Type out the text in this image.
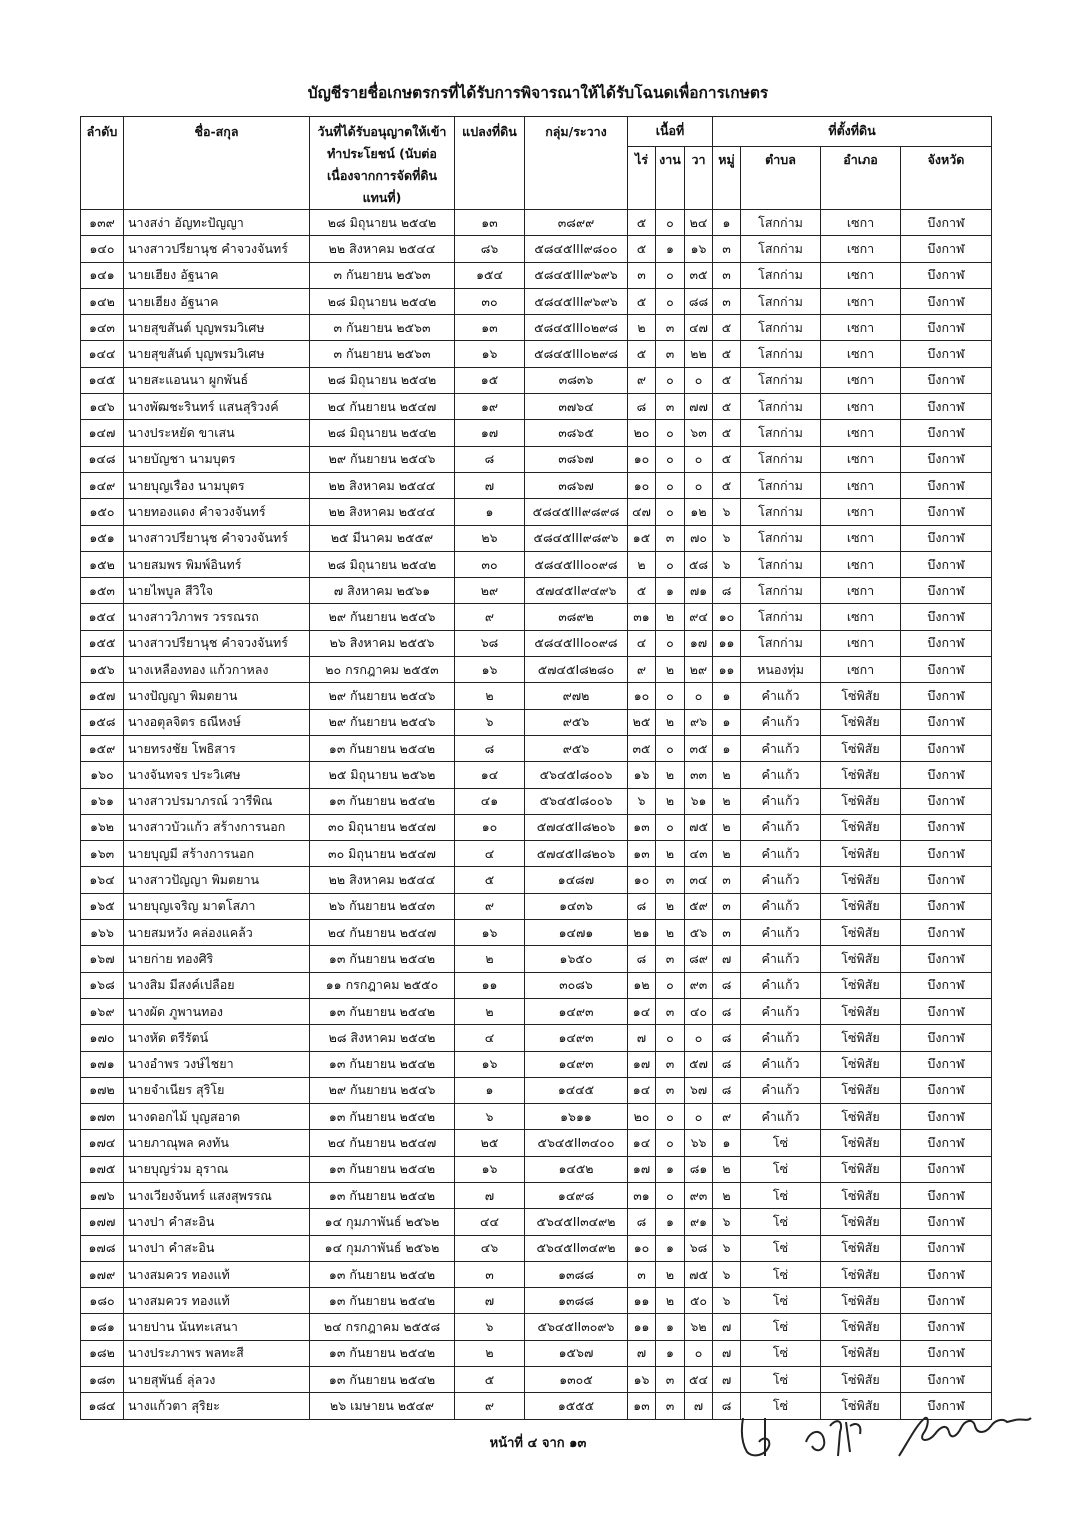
บัญชีรายชื่อเกษตรกรที่ได้รับการพิจารณาให้ได้รับโฉนดเพื่อการเกษตร
ลำดับ	ชื่อ-สกุล	วันที่ได้รับอนุญาตให้เข้าทำประโยชน์ (นับต่อเนื่องจากการจัดที่ดินแทนที่)	แปลงที่ดิน	กลุ่ม/ระวาง	เนื้อที่			ที่ตั้งที่ดิน			
					ไร่	งาน	วา	หมู่	ตำบล	อำเภอ	จังหวัด
๑๓๙	นางสง่า อัญทะปัญญา	๒๘ มิถุนายน ๒๕๔๒	๑๓	๓๘๙๙	๕	๐	๒๔	๑	โสกก่าม	เซกา	บึงกาฬ
๑๔๐	นางสาวปรียานุช คำจวงจันทร์	๒๒ สิงหาคม ๒๕๔๔	๘๖	๕๘๔๕III๙๘๐๐	๕	๑	๑๖	๓	โสกก่าม	เซกา	บึงกาฬ
๑๔๑	นายเฮียง อัฐนาค	๓ กันยายน ๒๕๖๓	๑๕๔	๕๘๔๕III๙๖๙๖	๓	๐	๓๕	๓	โสกก่าม	เซกา	บึงกาฬ
๑๔๒	นายเฮียง อัฐนาค	๒๘ มิถุนายน ๒๕๔๒	๓๐	๕๘๔๕III๙๖๙๖	๕	๐	๘๘	๓	โสกก่าม	เซกา	บึงกาฬ
๑๔๓	นายสุขสันต์ บุญพรมวิเศษ	๓ กันยายน ๒๕๖๓	๑๓	๕๘๔๕III๐๒๙๘	๒	๓	๔๗	๕	โสกก่าม	เซกา	บึงกาฬ
๑๔๔	นายสุขสันต์ บุญพรมวิเศษ	๓ กันยายน ๒๕๖๓	๑๖	๕๘๔๕III๐๒๙๘	๕	๓	๒๒	๕	โสกก่าม	เซกา	บึงกาฬ
๑๔๕	นายสะแอนนา ผูกพันธ์	๒๘ มิถุนายน ๒๕๔๒	๑๕	๓๘๓๖	๙	๐	๐	๕	โสกก่าม	เซกา	บึงกาฬ
๑๔๖	นางพัฒชะรินทร์ แสนสุริวงค์	๒๔ กันยายน ๒๕๔๗	๑๙	๓๗๖๔	๘	๓	๗๗	๕	โสกก่าม	เซกา	บึงกาฬ
๑๔๗	นางประหยัด ขาเสน	๒๘ มิถุนายน ๒๕๔๒	๑๗	๓๘๖๕	๒๐	๐	๖๓	๕	โสกก่าม	เซกา	บึงกาฬ
๑๔๘	นายบัญชา นามบุตร	๒๙ กันยายน ๒๕๔๖	๘	๓๘๖๗	๑๐	๐	๐	๕	โสกก่าม	เซกา	บึงกาฬ
๑๔๙	นายบุญเรือง นามบุตร	๒๒ สิงหาคม ๒๕๔๔	๗	๓๘๖๗	๑๐	๐	๐	๕	โสกก่าม	เซกา	บึงกาฬ
๑๕๐	นายทองแดง คำจวงจันทร์	๒๒ สิงหาคม ๒๕๔๔	๑	๕๘๔๕III๙๘๙๘	๔๗	๐	๑๒	๖	โสกก่าม	เซกา	บึงกาฬ
๑๕๑	นางสาวปรียานุช คำจวงจันทร์	๒๕ มีนาคม ๒๕๕๙	๒๖	๕๘๔๕III๙๘๙๖	๑๕	๓	๗๐	๖	โสกก่าม	เซกา	บึงกาฬ
๑๕๒	นายสมพร พิมพ์อินทร์	๒๘ มิถุนายน ๒๕๔๒	๓๐	๕๘๔๕III๐๐๙๘	๒	๐	๕๘	๖	โสกก่าม	เซกา	บึงกาฬ
๑๕๓	นายไพบูล สีวิใจ	๗ สิงหาคม ๒๕๖๑	๒๙	๕๗๔๕II๙๔๙๖	๕	๑	๗๑	๘	โสกก่าม	เซกา	บึงกาฬ
๑๕๔	นางสาววิภาพร วรรณรถ	๒๙ กันยายน ๒๕๔๖	๙	๓๘๙๒	๓๑	๒	๙๔	๑๐	โสกก่าม	เซกา	บึงกาฬ
๑๕๕	นางสาวปรียานุช คำจวงจันทร์	๒๖ สิงหาคม ๒๕๕๖	๖๘	๕๘๔๕III๐๐๙๘	๔	๐	๑๗	๑๑	โสกก่าม	เซกา	บึงกาฬ
๑๕๖	นางเหลืองทอง แก้วกาหลง	๒๐ กรกฎาคม ๒๕๕๓	๑๖	๕๗๔๕I๘๒๘๐	๙	๒	๒๙	๑๑	หนองทุ่ม	เซกา	บึงกาฬ
๑๕๗	นางปัญญา พิมตยาน	๒๙ กันยายน ๒๕๔๖	๒	๙๗๒	๑๐	๐	๐	๑	คำแก้ว	โซ่พิสัย	บึงกาฬ
๑๕๘	นางอตุลจิตร ธณีหงษ์	๒๙ กันยายน ๒๕๔๖	๖	๙๕๖	๒๕	๒	๙๖	๑	คำแก้ว	โซ่พิสัย	บึงกาฬ
๑๕๙	นายทรงชัย โพธิสาร	๑๓ กันยายน ๒๕๔๒	๘	๙๕๖	๓๕	๐	๓๕	๑	คำแก้ว	โซ่พิสัย	บึงกาฬ
๑๖๐	นางจันทจร ประวิเศษ	๒๕ มิถุนายน ๒๕๖๒	๑๔	๕๖๔๕I๘๐๐๖	๑๖	๒	๓๓	๒	คำแก้ว	โซ่พิสัย	บึงกาฬ
๑๖๑	นางสาวปรมาภรณ์ วารีพิณ	๑๓ กันยายน ๒๕๔๒	๔๑	๕๖๔๕I๘๐๐๖	๖	๒	๖๑	๒	คำแก้ว	โซ่พิสัย	บึงกาฬ
๑๖๒	นางสาวบัวแก้ว สร้างการนอก	๓๐ มิถุนายน ๒๕๔๗	๑๐	๕๗๔๕II๘๒๐๖	๑๓	๐	๗๕	๒	คำแก้ว	โซ่พิสัย	บึงกาฬ
๑๖๓	นายบุญมี สร้างการนอก	๓๐ มิถุนายน ๒๕๔๗	๔	๕๗๔๕II๘๒๐๖	๑๓	๒	๔๓	๒	คำแก้ว	โซ่พิสัย	บึงกาฬ
๑๖๔	นางสาวปัญญา พิมตยาน	๒๒ สิงหาคม ๒๕๔๔	๕	๑๔๘๗	๑๐	๓	๓๔	๓	คำแก้ว	โซ่พิสัย	บึงกาฬ
๑๖๕	นายบุญเจริญ มาตโสภา	๒๖ กันยายน ๒๕๔๓	๙	๑๔๓๖	๘	๒	๕๙	๓	คำแก้ว	โซ่พิสัย	บึงกาฬ
๑๖๖	นายสมหวัง คล่องแคล้ว	๒๔ กันยายน ๒๕๔๗	๑๖	๑๔๗๑	๒๑	๒	๕๖	๓	คำแก้ว	โซ่พิสัย	บึงกาฬ
๑๖๗	นายก่าย ทองศิริ	๑๓ กันยายน ๒๕๔๒	๒	๑๖๕๐	๘	๓	๘๙	๗	คำแก้ว	โซ่พิสัย	บึงกาฬ
๑๖๘	นางสิม มีสงค์เปลือย	๑๑ กรกฎาคม ๒๕๕๐	๑๑	๓๐๘๖	๑๒	๐	๙๓	๘	คำแก้ว	โซ่พิสัย	บึงกาฬ
๑๖๙	นางผัด ภูพานทอง	๑๓ กันยายน ๒๕๔๒	๒	๑๔๙๓	๑๔	๓	๔๐	๘	คำแก้ว	โซ่พิสัย	บึงกาฬ
๑๗๐	นางหัด ตรีรัตน์	๒๘ สิงหาคม ๒๕๔๒	๔	๑๔๙๓	๗	๐	๐	๘	คำแก้ว	โซ่พิสัย	บึงกาฬ
๑๗๑	นางอำพร วงษ์ไชยา	๑๓ กันยายน ๒๕๔๒	๑๖	๑๔๙๓	๑๗	๓	๕๗	๘	คำแก้ว	โซ่พิสัย	บึงกาฬ
๑๗๒	นายจำเนียร สุริโย	๒๙ กันยายน ๒๕๔๖	๑	๑๔๔๕	๑๔	๓	๖๗	๘	คำแก้ว	โซ่พิสัย	บึงกาฬ
๑๗๓	นางดอกไม้ บุญสอาด	๑๓ กันยายน ๒๕๔๒	๖	๑๖๑๑	๒๐	๐	๐	๙	คำแก้ว	โซ่พิสัย	บึงกาฬ
๑๗๔	นายภาณุพล คงทัน	๒๔ กันยายน ๒๕๔๗	๒๕	๕๖๔๕II๓๔๐๐	๑๔	๐	๖๖	๑	โซ่	โซ่พิสัย	บึงกาฬ
๑๗๕	นายบุญร่วม อุราณ	๑๓ กันยายน ๒๕๔๒	๑๖	๑๔๕๒	๑๗	๑	๘๑	๒	โซ่	โซ่พิสัย	บึงกาฬ
๑๗๖	นางเวียงจันทร์ แสงสุพรรณ	๑๓ กันยายน ๒๕๔๒	๗	๑๔๙๘	๓๑	๐	๙๓	๒	โซ่	โซ่พิสัย	บึงกาฬ
๑๗๗	นางปา คำสะอิน	๑๔ กุมภาพันธ์ ๒๕๖๒	๔๔	๕๖๔๕II๓๔๙๒	๘	๑	๙๑	๖	โซ่	โซ่พิสัย	บึงกาฬ
๑๗๘	นางปา คำสะอิน	๑๔ กุมภาพันธ์ ๒๕๖๒	๔๖	๕๖๔๕II๓๔๙๒	๑๐	๑	๖๘	๖	โซ่	โซ่พิสัย	บึงกาฬ
๑๗๙	นางสมควร ทองแท้	๑๓ กันยายน ๒๕๔๒	๓	๑๓๘๘	๓	๒	๗๕	๖	โซ่	โซ่พิสัย	บึงกาฬ
๑๘๐	นางสมควร ทองแท้	๑๓ กันยายน ๒๕๔๒	๗	๑๓๘๘	๑๑	๒	๕๐	๖	โซ่	โซ่พิสัย	บึงกาฬ
๑๘๑	นายปาน นันทะเสนา	๒๔ กรกฎาคม ๒๕๕๘	๖	๕๖๔๕II๓๐๙๖	๑๑	๑	๖๒	๗	โซ่	โซ่พิสัย	บึงกาฬ
๑๘๒	นางประภาพร พลทะสี	๑๓ กันยายน ๒๕๔๒	๒	๑๕๖๗	๗	๑	๐	๗	โซ่	โซ่พิสัย	บึงกาฬ
๑๘๓	นายสุพันธ์ ลุ่ลวง	๑๓ กันยายน ๒๕๔๒	๕	๑๓๐๕	๑๖	๓	๕๔	๗	โซ่	โซ่พิสัย	บึงกาฬ
๑๘๔	นางแก้วตา สุริยะ	๒๖ เมษายน ๒๕๔๙	๙	๑๕๕๕	๑๓	๓	๗	๘	โซ่	โซ่พิสัย	บึงกาฬ
หน้าที่ ๔ จาก ๑๓
